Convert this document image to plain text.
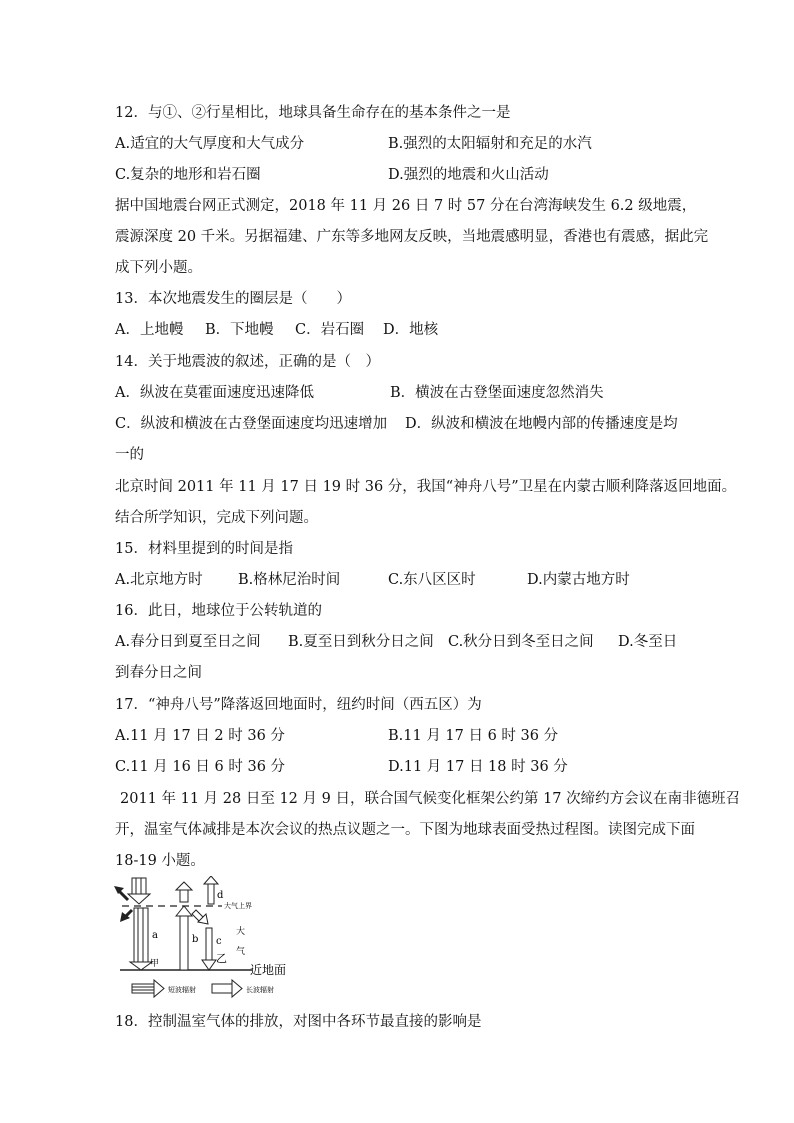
12．与①、②行星相比，地球具备生命存在的基本条件之一是
A.适宜的大气厚度和大气成分	B.强烈的太阳辐射和充足的水汽
C.复杂的地形和岩石圈	D.强烈的地震和火山活动
据中国地震台网正式测定，2018 年 11 月 26 日 7 时 57 分在台湾海峡发生 6.2 级地震，
震源深度 20 千米。另据福建、广东等多地网友反映，当地震感明显，香港也有震感，据此完
成下列小题。
13．本次地震发生的圈层是（　　）
A．上地幔 B．下地幔 C．岩石圈 D．地核
14．关于地震波的叙述，正确的是（　）
A．纵波在莫霍面速度迅速降低	B．横波在古登堡面速度忽然消失
C．纵波和横波在古登堡面速度均迅速增加 D．纵波和横波在地幔内部的传播速度是均
一的
北京时间 2011 年 11 月 17 日 19 时 36 分，我国“神舟八号”卫星在内蒙古顺利降落返回地面。
结合所学知识，完成下列问题。
15．材料里提到的时间是指
A.北京地方时 B.格林尼治时间	C.东八区区时	D.内蒙古地方时
16．此日，地球位于公转轨道的
A.春分日到夏至日之间 B.夏至日到秋分日之间 C.秋分日到冬至日之间 D.冬至日
到春分日之间
17．“神舟八号”降落返回地面时，纽约时间（西五区）为
A.11 月 17 日 2 时 36 分	B.11 月 17 日 6 时 36 分
C.11 月 16 日 6 时 36 分	D.11 月 17 日 18 时 36 分
2011 年 11 月 28 日至 12 月 9 日，联合国气候变化框架公约第 17 次缔约方会议在南非德班召
开，温室气体减排是本次会议的热点议题之一。下图为地球表面受热过程图。读图完成下面
18-19 小题。
a
甲
b
d
c
乙
大气上界
大
气
近地面
短波辐射	长波辐射
18．控制温室气体的排放，对图中各环节最直接的影响是
